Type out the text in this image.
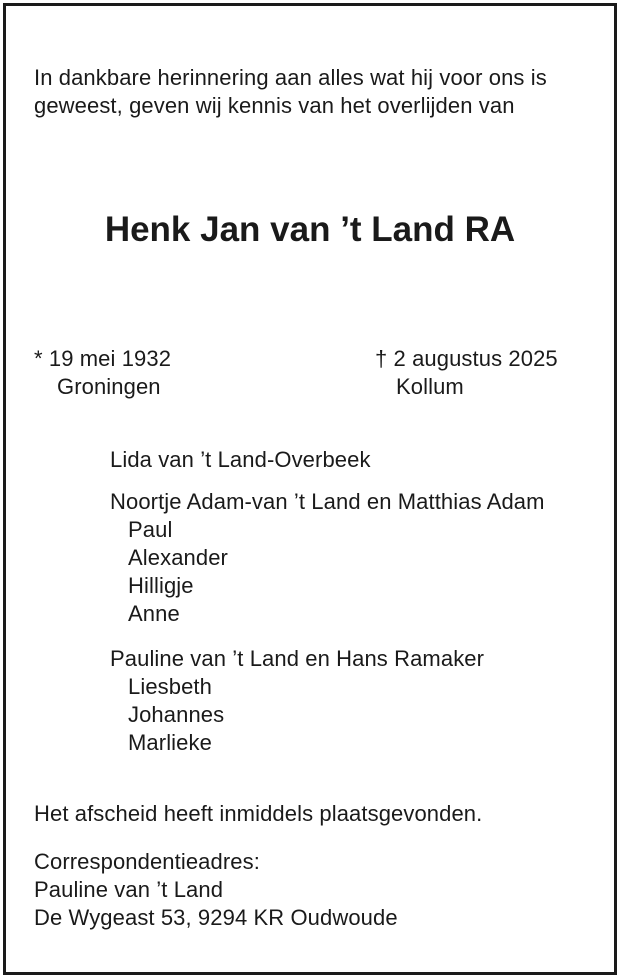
In dankbare herinnering aan alles wat hij voor ons is
geweest, geven wij kennis van het overlijden van
Henk Jan van ’t Land RA
* 19 mei 1932
Groningen
† 2 augustus 2025
Kollum
Lida van ’t Land-Overbeek
Noortje Adam-van ’t Land en Matthias Adam
Paul
Alexander
Hilligje
Anne
Pauline van ’t Land en Hans Ramaker
Liesbeth
Johannes
Marlieke
Het afscheid heeft inmiddels plaatsgevonden.
Correspondentieadres:
Pauline van ’t Land
De Wygeast 53, 9294 KR Oudwoude
